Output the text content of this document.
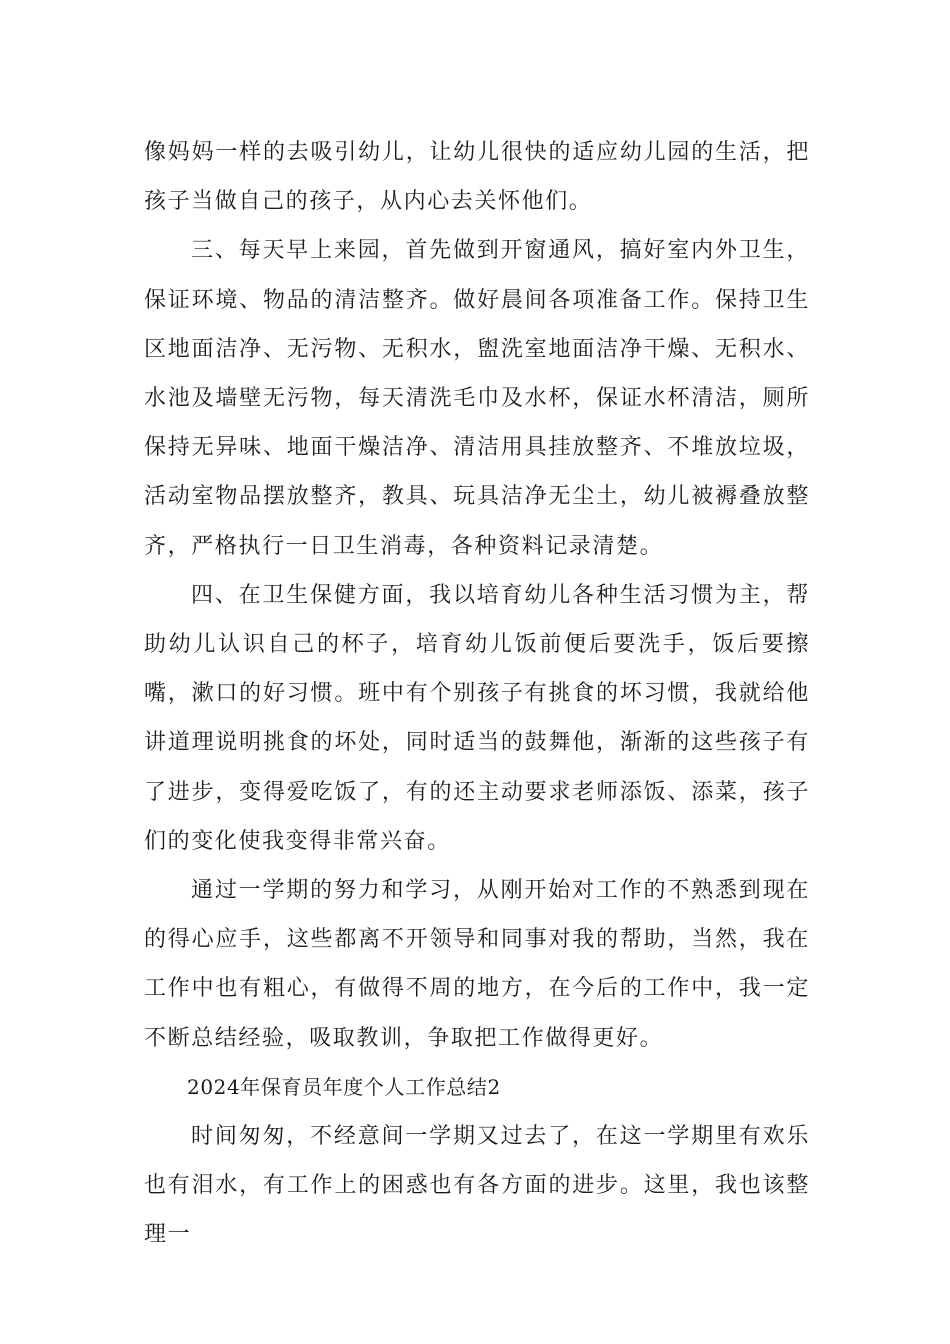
像妈妈一样的去吸引幼儿，让幼儿很快的适应幼儿园的生活，把孩子当做自己的孩子，从内心去关怀他们。

三、每天早上来园，首先做到开窗通风，搞好室内外卫生，保证环境、物品的清洁整齐。做好晨间各项准备工作。保持卫生区地面洁净、无污物、无积水，盥洗室地面洁净干燥、无积水、水池及墙壁无污物，每天清洗毛巾及水杯，保证水杯清洁，厕所保持无异味、地面干燥洁净、清洁用具挂放整齐、不堆放垃圾，活动室物品摆放整齐，教具、玩具洁净无尘土，幼儿被褥叠放整齐，严格执行一日卫生消毒，各种资料记录清楚。

四、在卫生保健方面，我以培育幼儿各种生活习惯为主，帮助幼儿认识自己的杯子，培育幼儿饭前便后要洗手，饭后要擦嘴，漱口的好习惯。班中有个别孩子有挑食的坏习惯，我就给他讲道理说明挑食的坏处，同时适当的鼓舞他，渐渐的这些孩子有了进步，变得爱吃饭了，有的还主动要求老师添饭、添菜，孩子们的变化使我变得非常兴奋。

通过一学期的努力和学习，从刚开始对工作的不熟悉到现在的得心应手，这些都离不开领导和同事对我的帮助，当然，我在工作中也有粗心，有做得不周的地方，在今后的工作中，我一定不断总结经验，吸取教训，争取把工作做得更好。

2024年保育员年度个人工作总结2

时间匆匆，不经意间一学期又过去了，在这一学期里有欢乐也有泪水，有工作上的困惑也有各方面的进步。这里，我也该整理一
